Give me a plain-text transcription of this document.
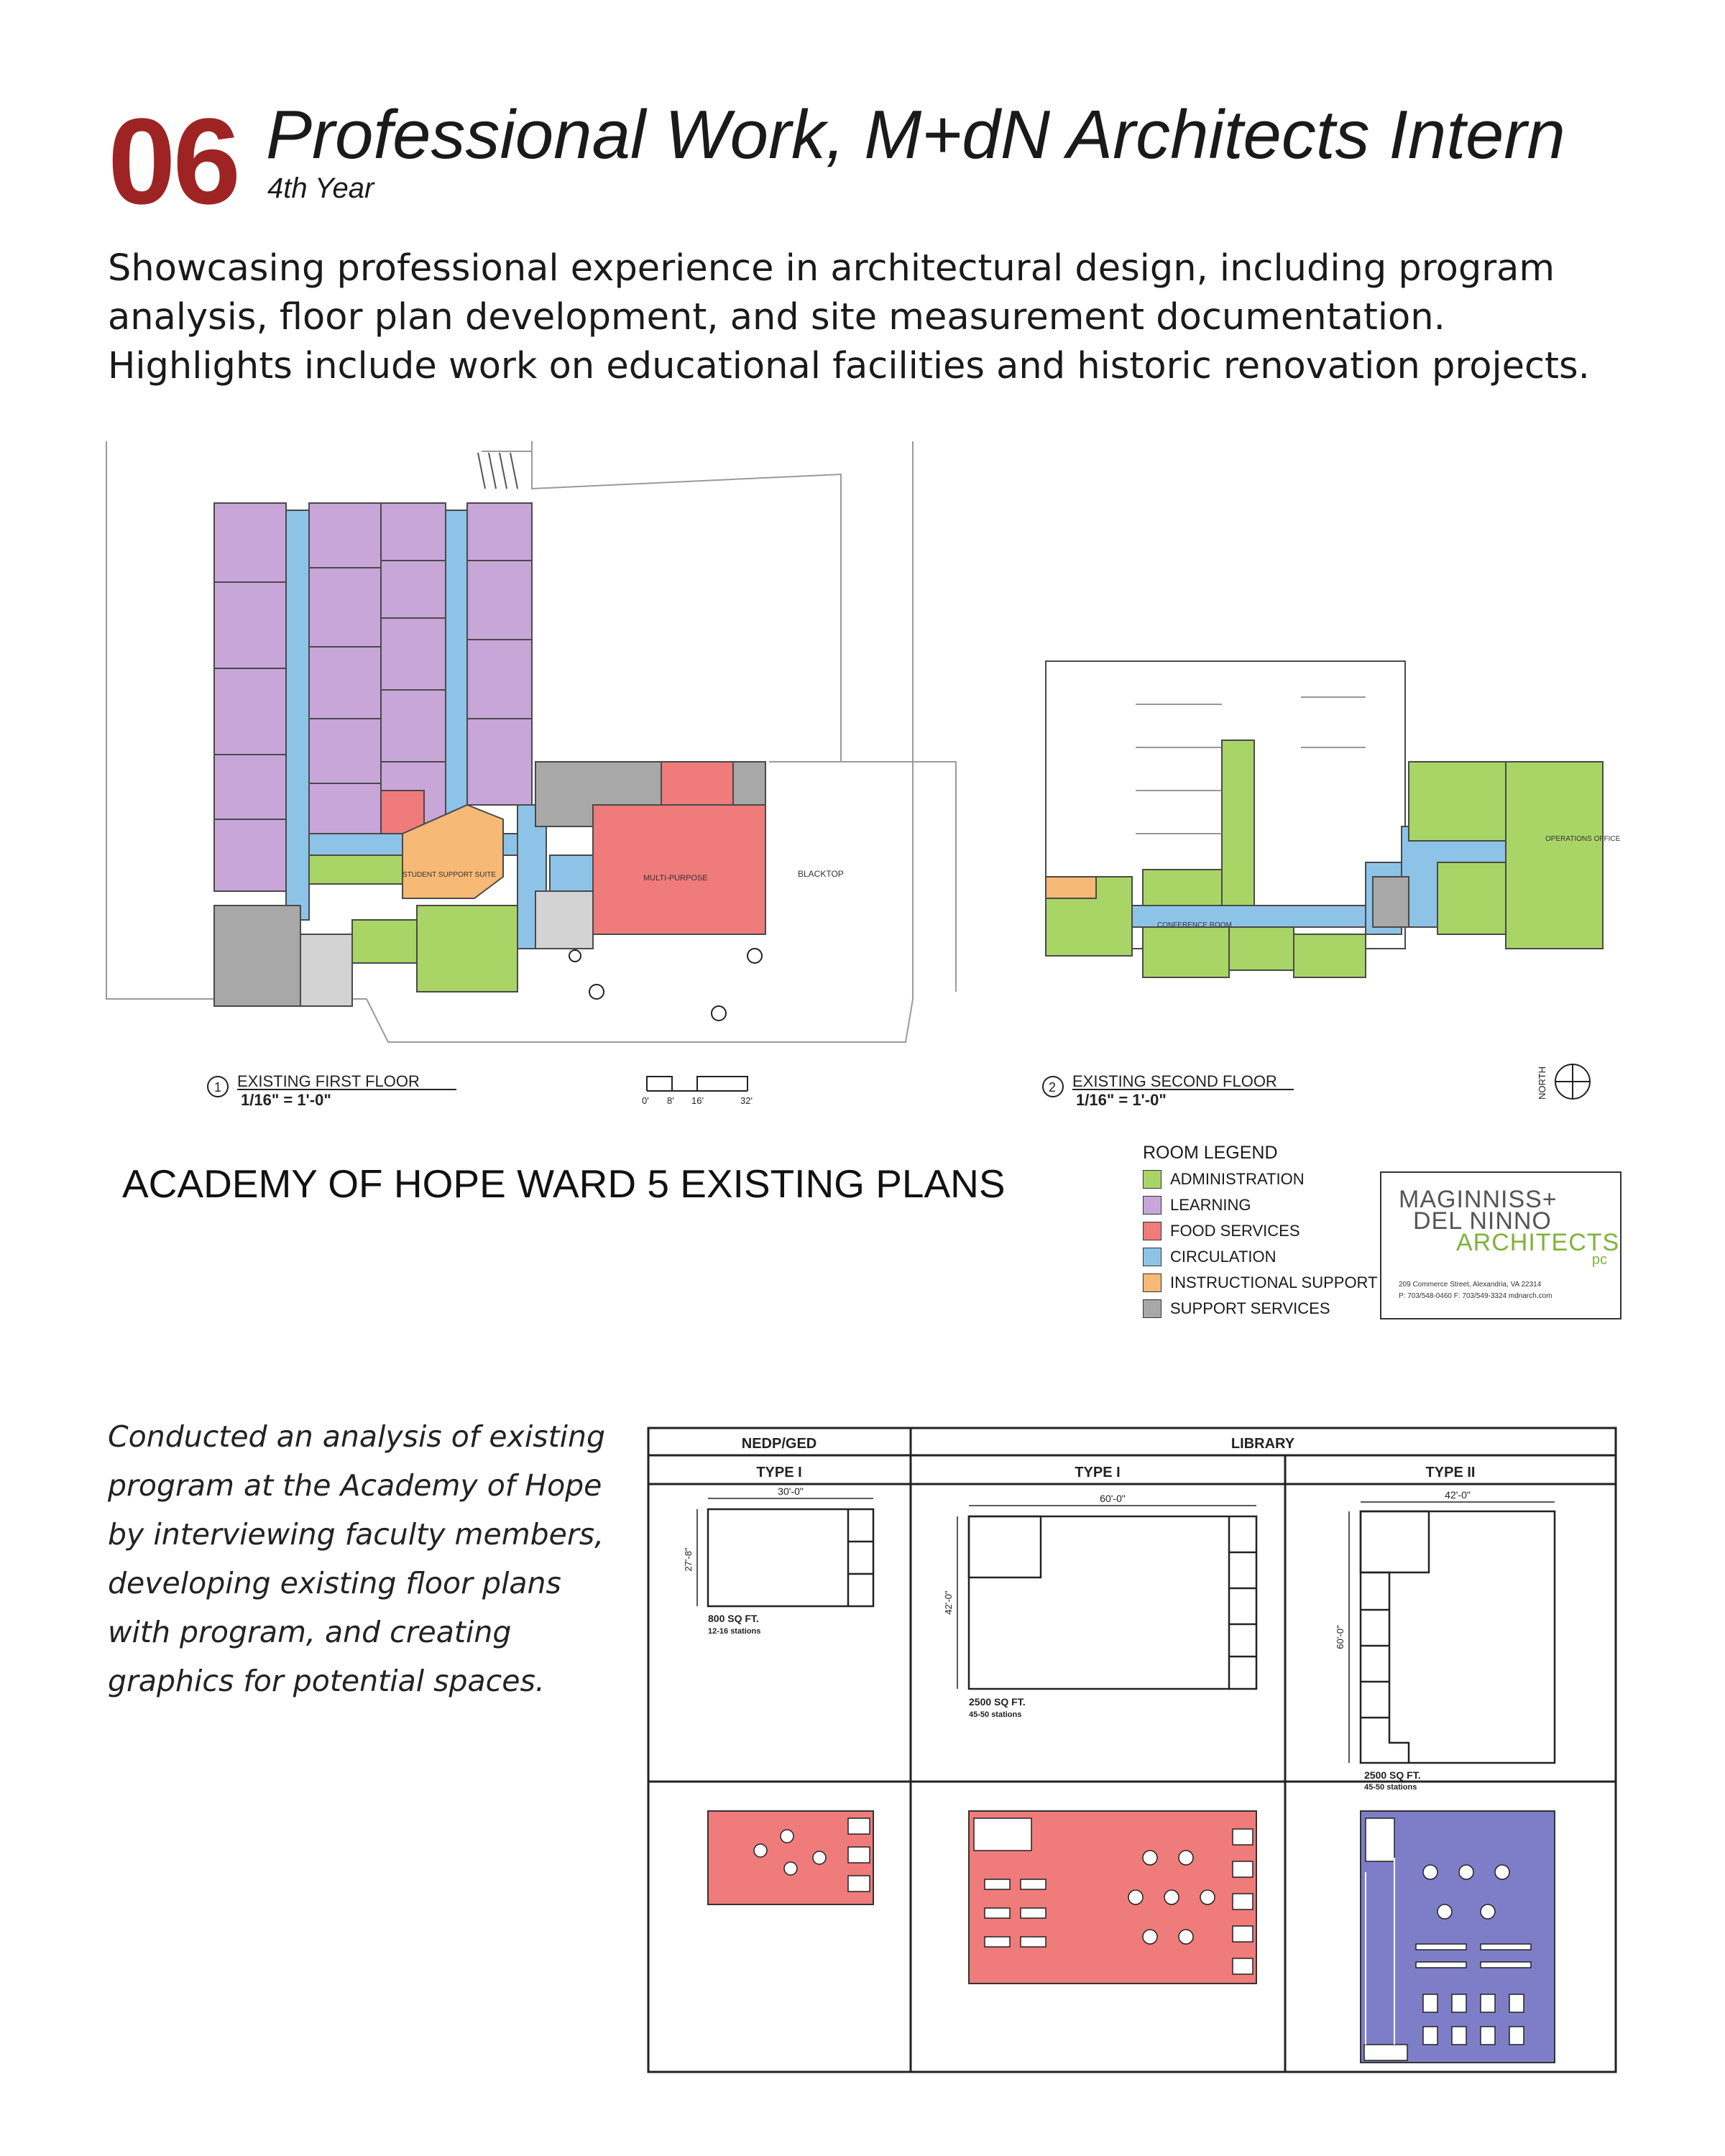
06 Professional Work, M+dN Architects Intern
4th Year
Showcasing professional experience in architectural design, including program analysis, floor plan development, and site measurement documentation. Highlights include work on educational facilities and historic renovation projects.
BLACKTOP
MULTI-PURPOSE
STUDENT SUPPORT SUITE
OPERATIONS OFFICE
CONFERENCE ROOM
1 EXISTING FIRST FLOOR
1/16" = 1'-0"	0' 8' 16'	32'
2 EXISTING SECOND FLOOR
1/16" = 1'-0"
NORTH
ACADEMY OF HOPE WARD 5 EXISTING PLANS
ROOM LEGEND
ADMINISTRATION
LEARNING
FOOD SERVICES
CIRCULATION
INSTRUCTIONAL SUPPORT
SUPPORT SERVICES
MAGINNISS+
DEL NINNO
ARCHITECTS
pc
209 Commerce Street, Alexandria, VA 22314
P: 703/548-0460 F: 703/549-3324 mdnarch.com
Conducted an analysis of existing program at the Academy of Hope by interviewing faculty members, developing existing floor plans with program, and creating graphics for potential spaces.
NEDP/GED	LIBRARY
TYPE I	TYPE I	TYPE II
30'-0"
27'-8"
800 SQ FT.
12-16 stations
60'-0"
42'-0"
2500 SQ FT.
45-50 stations
42'-0"
60'-0"
2500 SQ FT.
45-50 stations
